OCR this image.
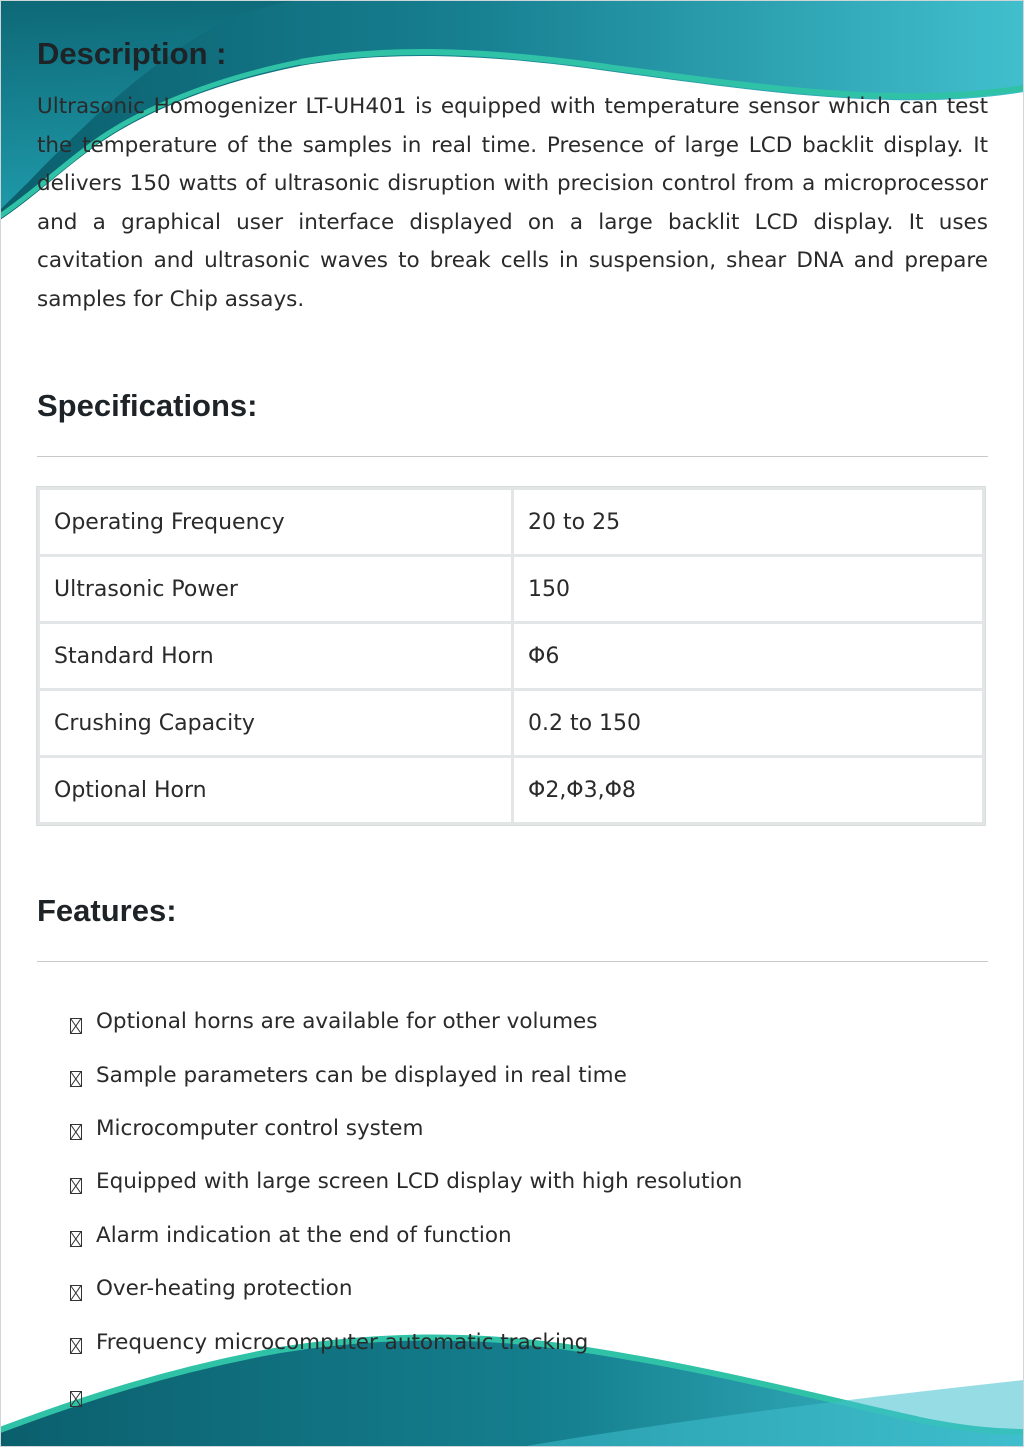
Description :

Ultrasonic Homogenizer LT-UH401 is equipped with temperature sensor which can test the temperature of the samples in real time. Presence of large LCD backlit display. It delivers 150 watts of ultrasonic disruption with precision control from a microprocessor and a graphical user interface displayed on a large backlit LCD display. It uses cavitation and ultrasonic waves to break cells in suspension, shear DNA and prepare samples for Chip assays.

Specifications:
Operating Frequency	20 to 25
Ultrasonic Power	150
Standard Horn	Φ6
Crushing Capacity	0.2 to 150
Optional Horn	Φ2,Φ3,Φ8
Features:
Optional horns are available for other volumes
Sample parameters can be displayed in real time
Microcomputer control system
Equipped with large screen LCD display with high resolution
Alarm indication at the end of function
Over-heating protection
Frequency microcomputer automatic tracking
